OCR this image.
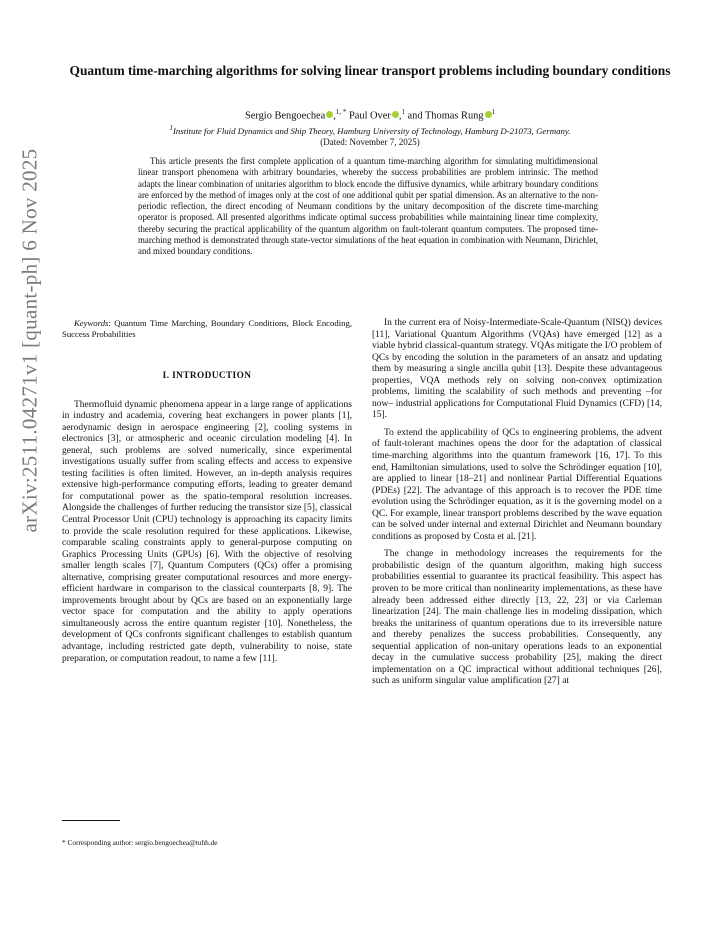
arXiv:2511.04271v1 [quant-ph] 6 Nov 2025
Quantum time-marching algorithms for solving linear transport problems including boundary conditions
Sergio Bengoechea ,$^{1, *}$ Paul Over ,$^1$ and Thomas Rung $^1$
$^1$Institute for Fluid Dynamics and Ship Theory, Hamburg University of Technology, Hamburg D-21073, Germany.
(Dated: November 7, 2025)
This article presents the first complete application of a quantum time-marching algorithm for simulating multidimensional linear transport phenomena with arbitrary boundaries, whereby the success probabilities are problem intrinsic. The method adapts the linear combination of unitaries algorithm to block encode the diffusive dynamics, while arbitrary boundary conditions are enforced by the method of images only at the cost of one additional qubit per spatial dimension. As an alternative to the non-periodic reflection, the direct encoding of Neumann conditions by the unitary decomposition of the discrete time-marching operator is proposed. All presented algorithms indicate optimal success probabilities while maintaining linear time complexity, thereby securing the practical applicability of the quantum algorithm on fault-tolerant quantum computers. The proposed time-marching method is demonstrated through state-vector simulations of the heat equation in combination with Neumann, Dirichlet, and mixed boundary conditions.

Keywords: Quantum Time Marching, Boundary Conditions, Block Encoding, Success Probabilities

I. INTRODUCTION

Thermofluid dynamic phenomena appear in a large range of applications in industry and academia, covering heat exchangers in power plants [1], aerodynamic design in aerospace engineering [2], cooling systems in electronics [3], or atmospheric and oceanic circulation modeling [4]. In general, such problems are solved numerically, since experimental investigations usually suffer from scaling effects and access to expensive testing facilities is often limited. However, an in-depth analysis requires extensive high-performance computing efforts, leading to greater demand for computational power as the spatio-temporal resolution increases. Alongside the challenges of further reducing the transistor size [5], classical Central Processor Unit (CPU) technology is approaching its capacity limits to provide the scale resolution required for these applications. Likewise, comparable scaling constraints apply to general-purpose computing on Graphics Processing Units (GPUs) [6]. With the objective of resolving smaller length scales [7], Quantum Computers (QCs) offer a promising alternative, comprising greater computational resources and more energy-efficient hardware in comparison to the classical counterparts [8, 9]. The improvements brought about by QCs are based on an exponentially large vector space for computation and the ability to apply operations simultaneously across the entire quantum register [10]. Nonetheless, the development of QCs confronts significant challenges to establish quantum advantage, including restricted gate depth, vulnerability to noise, state preparation, or computation readout, to name a few [11].

In the current era of Noisy-Intermediate-Scale-Quantum (NISQ) devices [11], Variational Quantum Algorithms (VQAs) have emerged [12] as a viable hybrid classical-quantum strategy. VQAs mitigate the I/O problem of QCs by encoding the solution in the parameters of an ansatz and updating them by measuring a single ancilla qubit [13]. Despite these advantageous properties, VQA methods rely on solving non-convex optimization problems, limiting the scalability of such methods and preventing –for now– industrial applications for Computational Fluid Dynamics (CFD) [14, 15].

To extend the applicability of QCs to engineering problems, the advent of fault-tolerant machines opens the door for the adaptation of classical time-marching algorithms into the quantum framework [16, 17]. To this end, Hamiltonian simulations, used to solve the Schrödinger equation [10], are applied to linear [18–21] and nonlinear Partial Differential Equations (PDEs) [22]. The advantage of this approach is to recover the PDE time evolution using the Schrödinger equation, as it is the governing model on a QC. For example, linear transport problems described by the wave equation can be solved under internal and external Dirichlet and Neumann boundary conditions as proposed by Costa et al. [21].

The change in methodology increases the requirements for the probabilistic design of the quantum algorithm, making high success probabilities essential to guarantee its practical feasibility. This aspect has proven to be more critical than nonlinearity implementations, as these have already been addressed either directly [13, 22, 23] or via Carleman linearization [24]. The main challenge lies in modeling dissipation, which breaks the unitariness of quantum operations due to its irreversible nature and thereby penalizes the success probabilities. Consequently, any sequential application of non-unitary operations leads to an exponential decay in the cumulative success probability [25], making the direct implementation on a QC impractical without additional techniques [26], such as uniform singular value amplification [27] at

* Corresponding author: sergio.bengoechea@tuhh.de
